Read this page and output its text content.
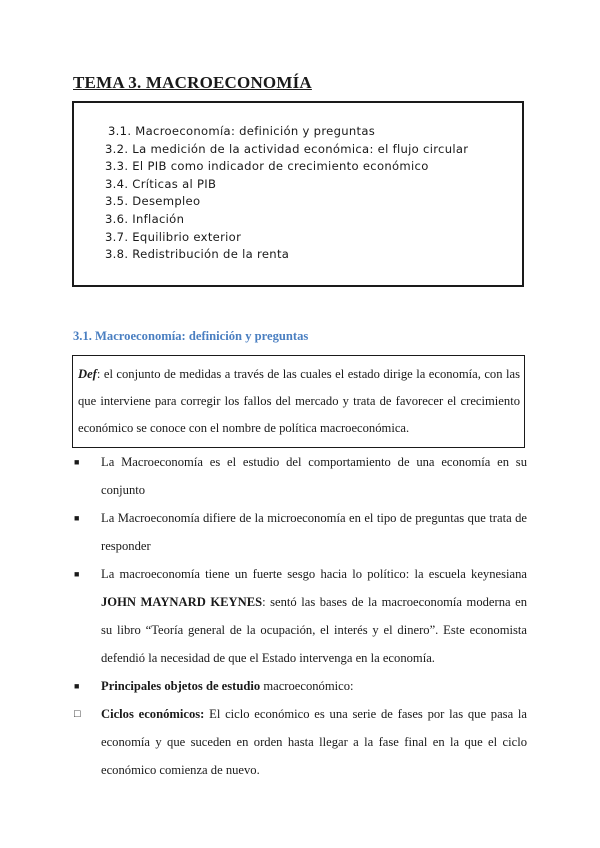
TEMA 3. MACROECONOMÍA
3.1. Macroeconomía: definición y preguntas
3.2. La medición de la actividad económica: el flujo circular
3.3. El PIB como indicador de crecimiento económico
3.4. Críticas al PIB
3.5. Desempleo
3.6. Inflación
3.7. Equilibrio exterior
3.8. Redistribución de la renta
3.1. Macroeconomía: definición y preguntas
Def: el conjunto de medidas a través de las cuales el estado dirige la economía, con las que interviene para corregir los fallos del mercado y trata de favorecer el crecimiento económico se conoce con el nombre de política macroeconómica.
■ La Macroeconomía es el estudio del comportamiento de una economía en su conjunto
■ La Macroeconomía difiere de la microeconomía en el tipo de preguntas que trata de responder
■ La macroeconomía tiene un fuerte sesgo hacia lo político: la escuela keynesiana JOHN MAYNARD KEYNES: sentó las bases de la macroeconomía moderna en su libro “Teoría general de la ocupación, el interés y el dinero”. Este economista defendió la necesidad de que el Estado intervenga en la economía.
■ Principales objetos de estudio macroeconómico:
□ Ciclos económicos: El ciclo económico es una serie de fases por las que pasa la economía y que suceden en orden hasta llegar a la fase final en la que el ciclo económico comienza de nuevo.
